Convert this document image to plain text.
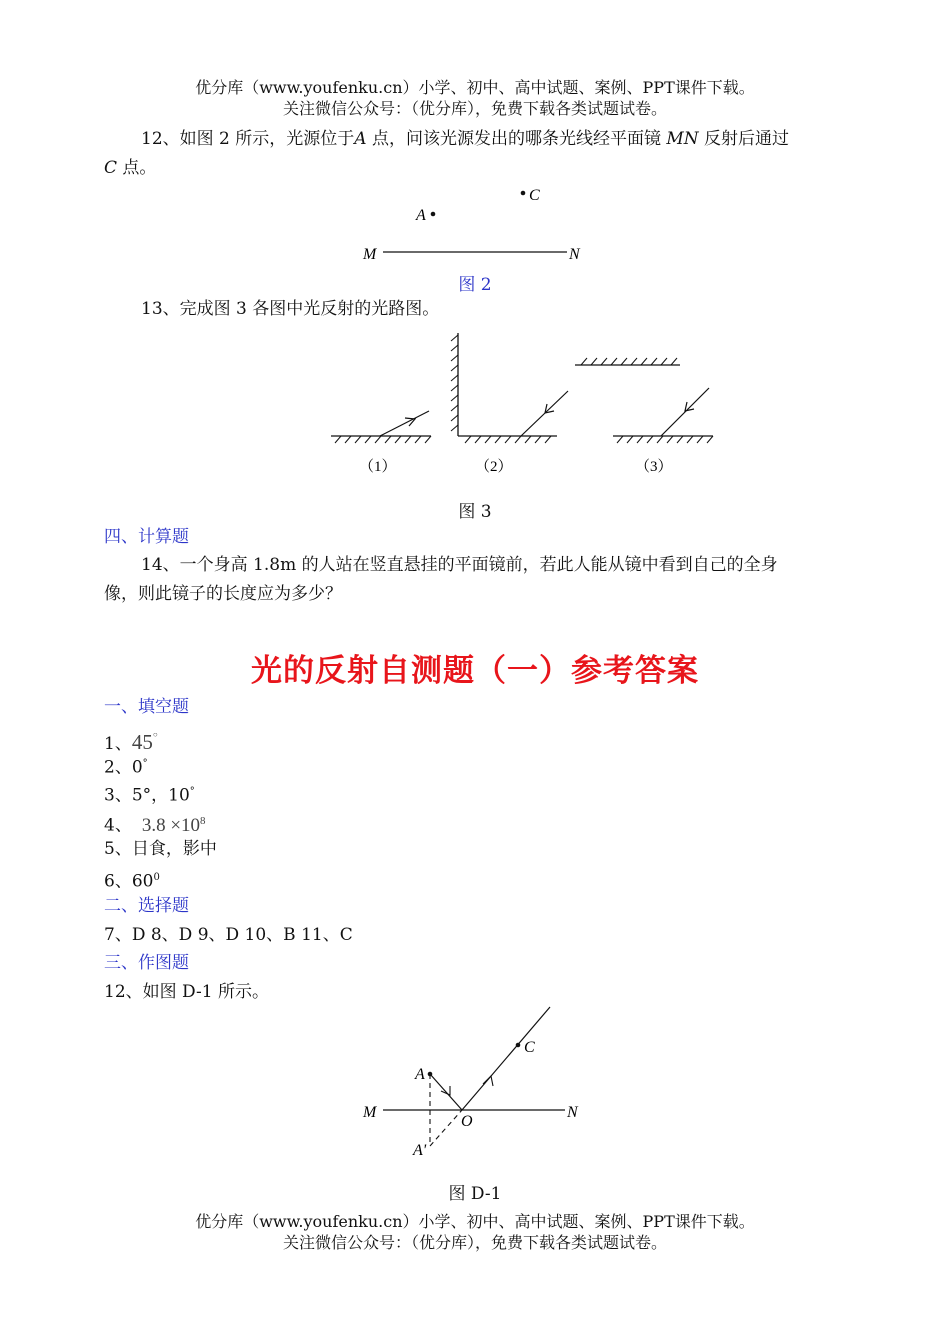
优分库（www.youfenku.cn）小学、初中、高中试题、案例、PPT课件下载。
关注微信公众号：（优分库），免费下载各类试题试卷。
12、如图 2 所示，光源位于A 点，问该光源发出的哪条光线经平面镜 MN 反射后通过
C 点。
A
C
M	N
图 2
13、完成图 3 各图中光反射的光路图。
（1）	（2）	（3）
图 3
四、计算题
14、一个身高 1.8m 的人站在竖直悬挂的平面镜前，若此人能从镜中看到自己的全身
像，则此镜子的长度应为多少？
光的反射自测题（一）参考答案
一、填空题
1、45○
2、0°
3、5°，10°
4、 $3.8 \times 10^8$
5、日食，影中
6、$60^0$
二、选择题
7、D 8、D 9、D 10、B 11、C
三、作图题
12、如图 D-1 所示。
A
C
M	N
O
A'
图 D-1
优分库（www.youfenku.cn）小学、初中、高中试题、案例、PPT课件下载。
关注微信公众号：（优分库），免费下载各类试题试卷。
